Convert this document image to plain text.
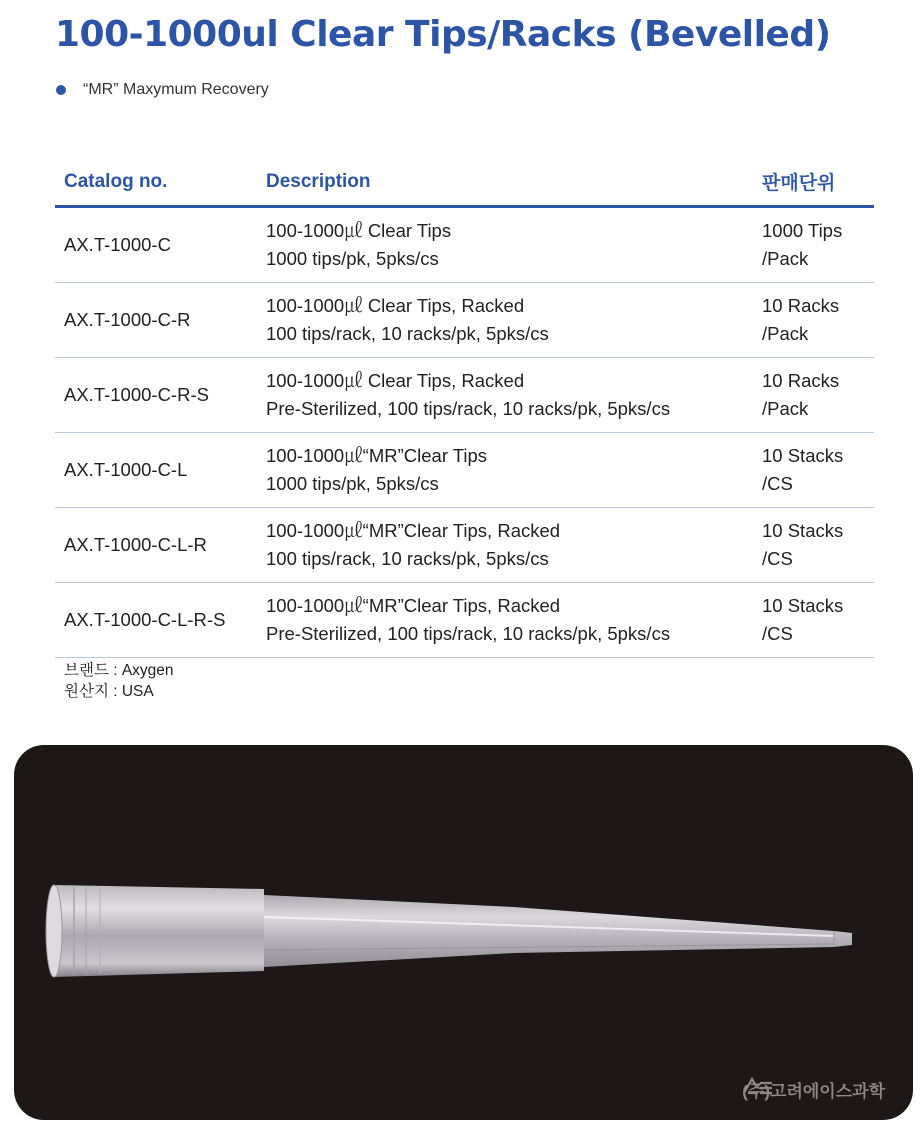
100-1000ul Clear Tips/Racks (Bevelled)
“MR” Maxymum Recovery
Catalog no.	Description	판매단위
AX.T-1000-C
100-1000㎕ Clear Tips
1000 tips/pk, 5pks/cs
1000 Tips
/Pack
AX.T-1000-C-R
100-1000㎕ Clear Tips, Racked
100 tips/rack, 10 racks/pk, 5pks/cs
10 Racks
/Pack
AX.T-1000-C-R-S
100-1000㎕ Clear Tips, Racked
Pre-Sterilized, 100 tips/rack, 10 racks/pk, 5pks/cs
10 Racks
/Pack
AX.T-1000-C-L
100-1000㎕“MR”Clear Tips
1000 tips/pk, 5pks/cs
10 Stacks
/CS
AX.T-1000-C-L-R
100-1000㎕“MR”Clear Tips, Racked
100 tips/rack, 10 racks/pk, 5pks/cs
10 Stacks
/CS
AX.T-1000-C-L-R-S
100-1000㎕“MR”Clear Tips, Racked
Pre-Sterilized, 100 tips/rack, 10 racks/pk, 5pks/cs
10 Stacks
/CS
브랜드 : Axygen
원산지 : USA
(주)고려에이스과학
